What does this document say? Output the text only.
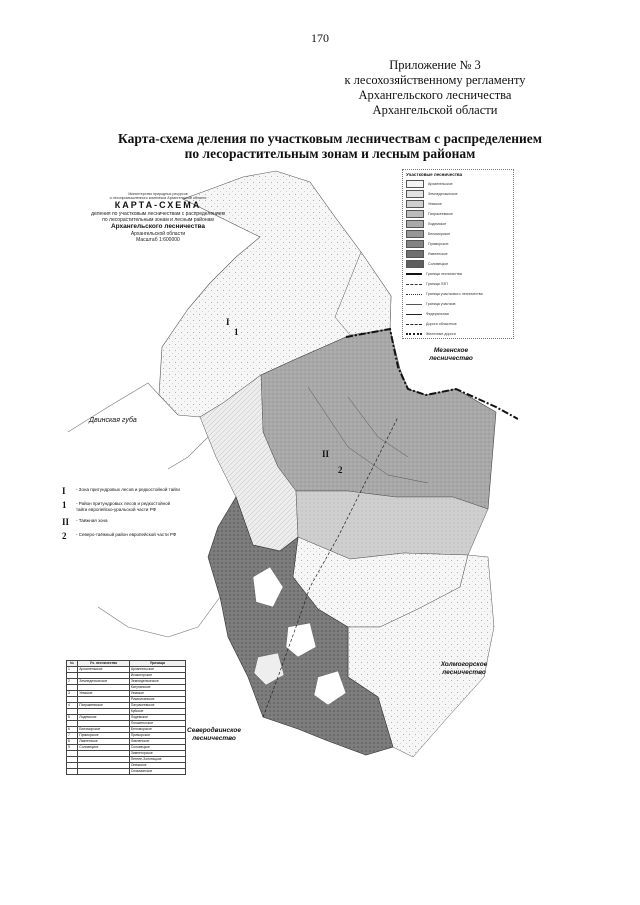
170
Приложение № 3
к лесохозяйственному регламенту
Архангельского лесничества
Архангельской области
Карта-схема деления по участковым лесничествам с распределением
по лесорастительным зонам и лесным районам
Министерство природных ресурсов
и лесопромышленного комплекса Архангельской области
КАРТА-СХЕМА
деления по участковым лесничествам с распределением
по лесорастительным зонам и лесным районам
Архангельского лесничества
Архангельской области
Масштаб 1:600000
I
1
II
2
Двинская губа
Мезенское
лесничество
Холмогорское
лесничество
Северодвинское
лесничество
I	- Зона притундровых лесов и редкостойной тайги
1	- Район притундровых лесов и редкостойной тайги европейско-уральской части РФ
II	- Таёжная зона
2	- Северо-таёжный район европейской части РФ
Участковые лесничества
Архангельское
Земледельческое
Уемское
Патракеевское
Лодемское
Беломорское
Приморское
Лявленское
Соловецкое
Граница лесничества
Граница ЛЗП
Граница участкового лесничества
Граница участков
Федеральная
Дороги областные
Железные дороги
№	Уч. лесничество	Урочища
1	Архангельское	Архангельское
		Исакогорское
2	Земледельческое	Земледельческое
		Катунинское
3	Уемское	Уемское
		Рикасихинское
4	Патракеевское	Патракеевское
		Куйское
5	Лодемское	Лодемское
		Лопшеньгское
6	Беломорское	Беломорское
7	Приморское	Приморское
8	Лявленское	Лявленское
9	Соловецкое	Соловецкое
		Зимнегорское
		Летнее-Золотицкое
		Онежское
		Сюзьминское
